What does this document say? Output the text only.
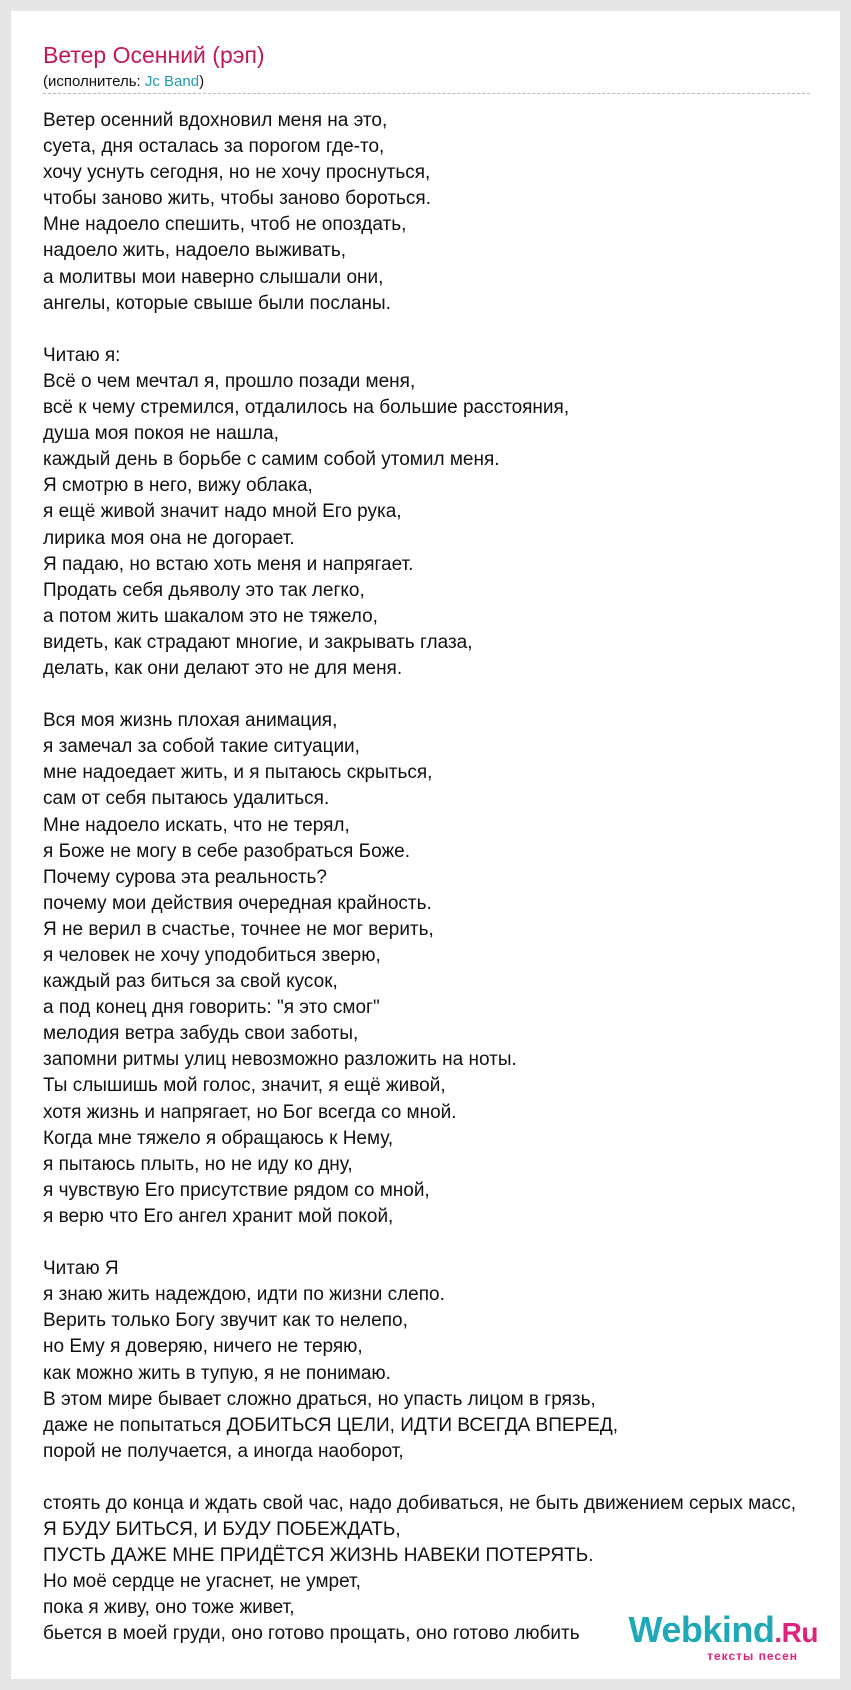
Ветер Осенний (рэп)
(исполнитель: Jc Band)
Ветер осенний вдохновил меня на это,
суета, дня осталась за порогом где-то,
хочу уснуть сегодня, но не хочу проснуться,
чтобы заново жить, чтобы заново бороться.
Мне надоело спешить, чтоб не опоздать,
надоело жить, надоело выживать,
а молитвы мои наверно слышали они,
ангелы, которые свыше были посланы.
Читаю я:
Всё о чем мечтал я, прошло позади меня,
всё к чему стремился, отдалилось на большие расстояния,
душа моя покоя не нашла,
каждый день в борьбе с самим собой утомил меня.
Я смотрю в него, вижу облака,
я ещё живой значит надо мной Его рука,
лирика моя она не догорает.
Я падаю, но встаю хоть меня и напрягает.
Продать себя дьяволу это так легко,
а потом жить шакалом это не тяжело,
видеть, как страдают многие, и закрывать глаза,
делать, как они делают это не для меня.
Вся моя жизнь плохая анимация,
я замечал за собой такие ситуации,
мне надоедает жить, и я пытаюсь скрыться,
сам от себя пытаюсь удалиться.
Мне надоело искать, что не терял,
я Боже не могу в себе разобраться Боже.
Почему сурова эта реальность?
почему мои действия очередная крайность.
Я не верил в счастье, точнее не мог верить,
я человек не хочу уподобиться зверю,
каждый раз биться за свой кусок,
а под конец дня говорить: "я это смог"
мелодия ветра забудь свои заботы,
запомни ритмы улиц невозможно разложить на ноты.
Ты слышишь мой голос, значит, я ещё живой,
хотя жизнь и напрягает, но Бог всегда со мной.
Когда мне тяжело я обращаюсь к Нему,
я пытаюсь плыть, но не иду ко дну,
я чувствую Его присутствие рядом со мной,
я верю что Его ангел хранит мой покой,
Читаю Я
я знаю жить надеждою, идти по жизни слепо.
Верить только Богу звучит как то нелепо,
но Ему я доверяю, ничего не теряю,
как можно жить в тупую, я не понимаю.
В этом мире бывает сложно драться, но упасть лицом в грязь,
даже не попытаться ДОБИТЬСЯ ЦЕЛИ, ИДТИ ВСЕГДА ВПЕРЕД,
порой не получается, а иногда наоборот,
стоять до конца и ждать свой час, надо добиваться, не быть движением серых масс,
Я БУДУ БИТЬСЯ, И БУДУ ПОБЕЖДАТЬ,
ПУСТЬ ДАЖЕ МНЕ ПРИДЁТСЯ ЖИЗНЬ НАВЕКИ ПОТЕРЯТЬ.
Но моё сердце не угаснет, не умрет,
пока я живу, оно тоже живет,
бьется в моей груди, оно готово прощать, оно готово любить	Webkind.Ru
тексты песен
